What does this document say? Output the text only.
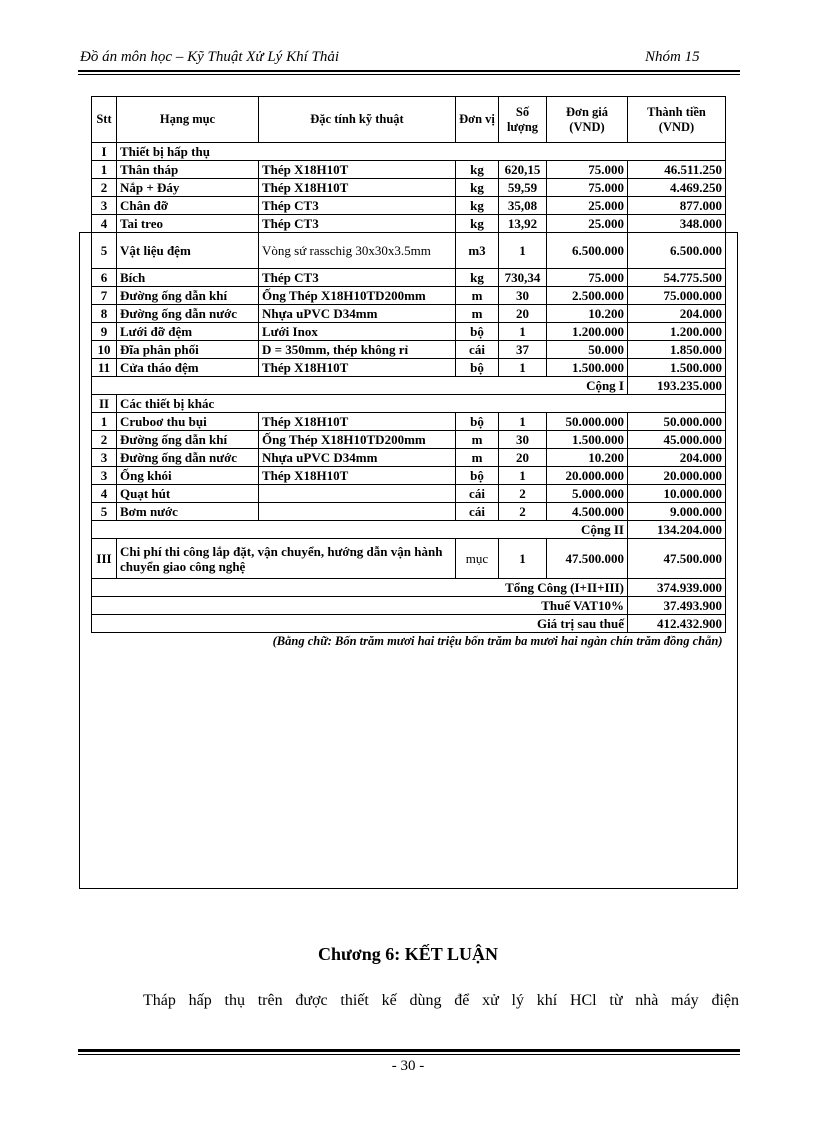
Đồ án môn học – Kỹ Thuật Xử Lý Khí Thải	Nhóm 15
Stt	Hạng mục	Đặc tính kỹ thuật	Đơn vị	Số lượng	Đơn giá (VND)	Thành tiền (VND)
I	Thiết bị hấp thụ					
1	Thân tháp	Thép X18H10T	kg	620,15	75.000	46.511.250
2	Nắp + Đáy	Thép X18H10T	kg	59,59	75.000	4.469.250
3	Chân đỡ	Thép CT3	kg	35,08	25.000	877.000
4	Tai treo	Thép CT3	kg	13,92	25.000	348.000
5	Vật liệu đệm	Vòng sứ rasschig 30x30x3.5mm	m3	1	6.500.000	6.500.000
6	Bích	Thép CT3	kg	730,34	75.000	54.775.500
7	Đường ống dẫn khí	Ống Thép X18H10TD200mm	m	30	2.500.000	75.000.000
8	Đường ống dẫn nước	Nhựa uPVC D34mm	m	20	10.200	204.000
9	Lưới đỡ đệm	Lưới Inox	bộ	1	1.200.000	1.200.000
10	Đĩa phân phối	D = 350mm, thép không rỉ	cái	37	50.000	1.850.000
11	Cửa tháo đệm	Thép X18H10T	bộ	1	1.500.000	1.500.000
Cộng I						193.235.000
II	Các thiết bị khác					
1	Cruboơ thu bụi	Thép X18H10T	bộ	1	50.000.000	50.000.000
2	Đường ống dẫn khí	Ống Thép X18H10TD200mm	m	30	1.500.000	45.000.000
3	Đường ống dẫn nước	Nhựa uPVC D34mm	m	20	10.200	204.000
3	Ống khói	Thép X18H10T	bộ	1	20.000.000	20.000.000
4	Quạt hút		cái	2	5.000.000	10.000.000
5	Bơm nước		cái	2	4.500.000	9.000.000
Cộng II						134.204.000
III	Chi phí thi công lắp đặt, vận chuyển, hướng dẫn vận hành chuyển giao công nghệ		mục	1	47.500.000	47.500.000
Tổng Công (I+II+III)						374.939.000
Thuế VAT10%						37.493.900
Giá trị sau thuế						412.432.900
(Bằng chữ: Bốn trăm mươi hai triệu bốn trăm ba mươi hai ngàn chín trăm đồng chẵn)						
Chương 6: KẾT LUẬN
Tháp hấp thụ trên được thiết kế dùng để xử lý khí HCl từ nhà máy điện
- 30 -
